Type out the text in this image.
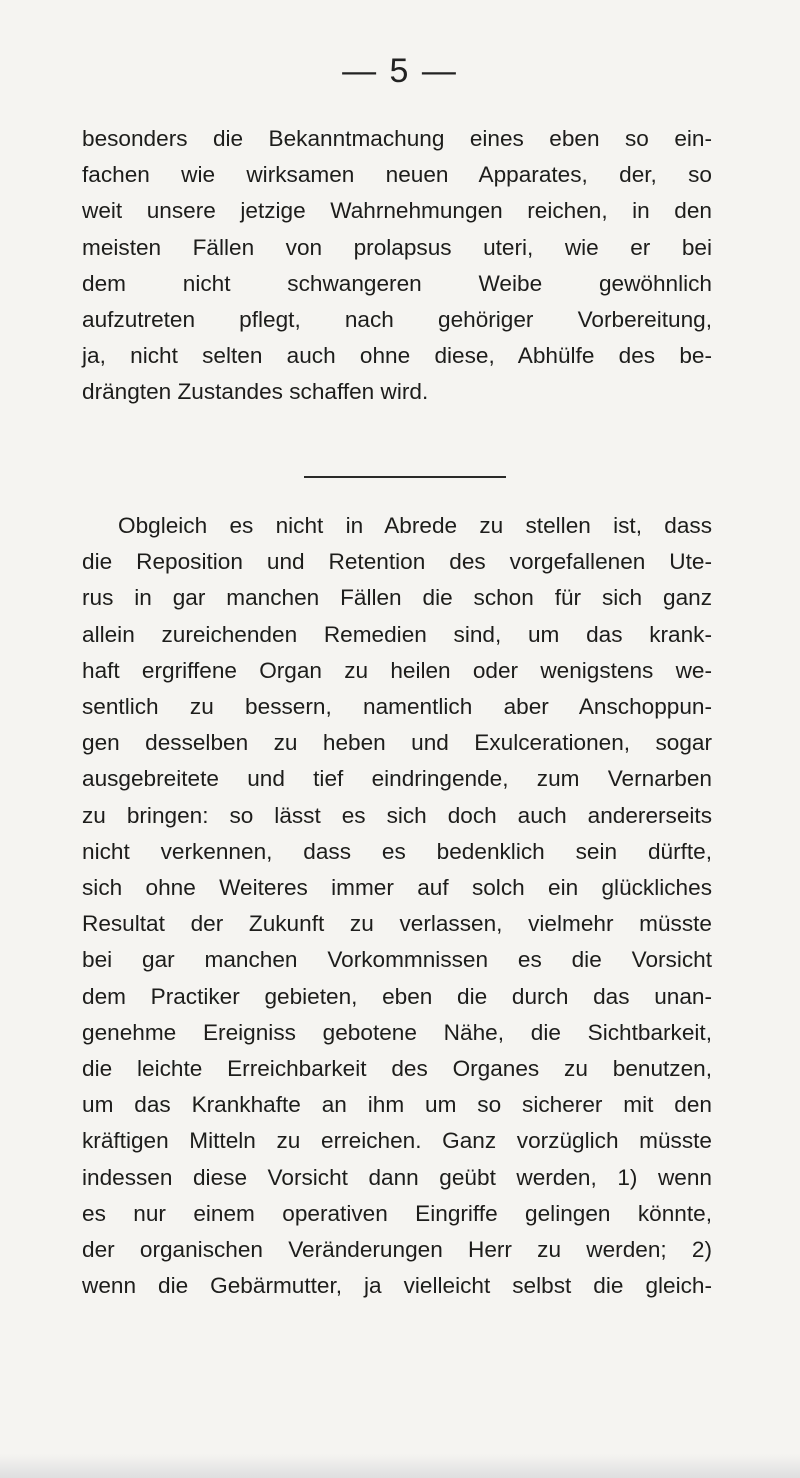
— 5 —

besonders die Bekanntmachung eines eben so ein-
fachen wie wirksamen neuen Apparates, der, so
weit unsere jetzige Wahrnehmungen reichen, in den
meisten Fällen von prolapsus uteri, wie er bei
dem nicht schwangeren Weibe gewöhnlich
aufzutreten pflegt, nach gehöriger Vorbereitung,
ja, nicht selten auch ohne diese, Abhülfe des be-
drängten Zustandes schaffen wird.

Obgleich es nicht in Abrede zu stellen ist, dass
die Reposition und Retention des vorgefallenen Ute-
rus in gar manchen Fällen die schon für sich ganz
allein zureichenden Remedien sind, um das krank-
haft ergriffene Organ zu heilen oder wenigstens we-
sentlich zu bessern, namentlich aber Anschoppun-
gen desselben zu heben und Exulcerationen, sogar
ausgebreitete und tief eindringende, zum Vernarben
zu bringen: so lässt es sich doch auch andererseits
nicht verkennen, dass es bedenklich sein dürfte,
sich ohne Weiteres immer auf solch ein glückliches
Resultat der Zukunft zu verlassen, vielmehr müsste
bei gar manchen Vorkommnissen es die Vorsicht
dem Practiker gebieten, eben die durch das unan-
genehme Ereigniss gebotene Nähe, die Sichtbarkeit,
die leichte Erreichbarkeit des Organes zu benutzen,
um das Krankhafte an ihm um so sicherer mit den
kräftigen Mitteln zu erreichen. Ganz vorzüglich müsste
indessen diese Vorsicht dann geübt werden, 1) wenn
es nur einem operativen Eingriffe gelingen könnte,
der organischen Veränderungen Herr zu werden; 2)
wenn die Gebärmutter, ja vielleicht selbst die gleich-
